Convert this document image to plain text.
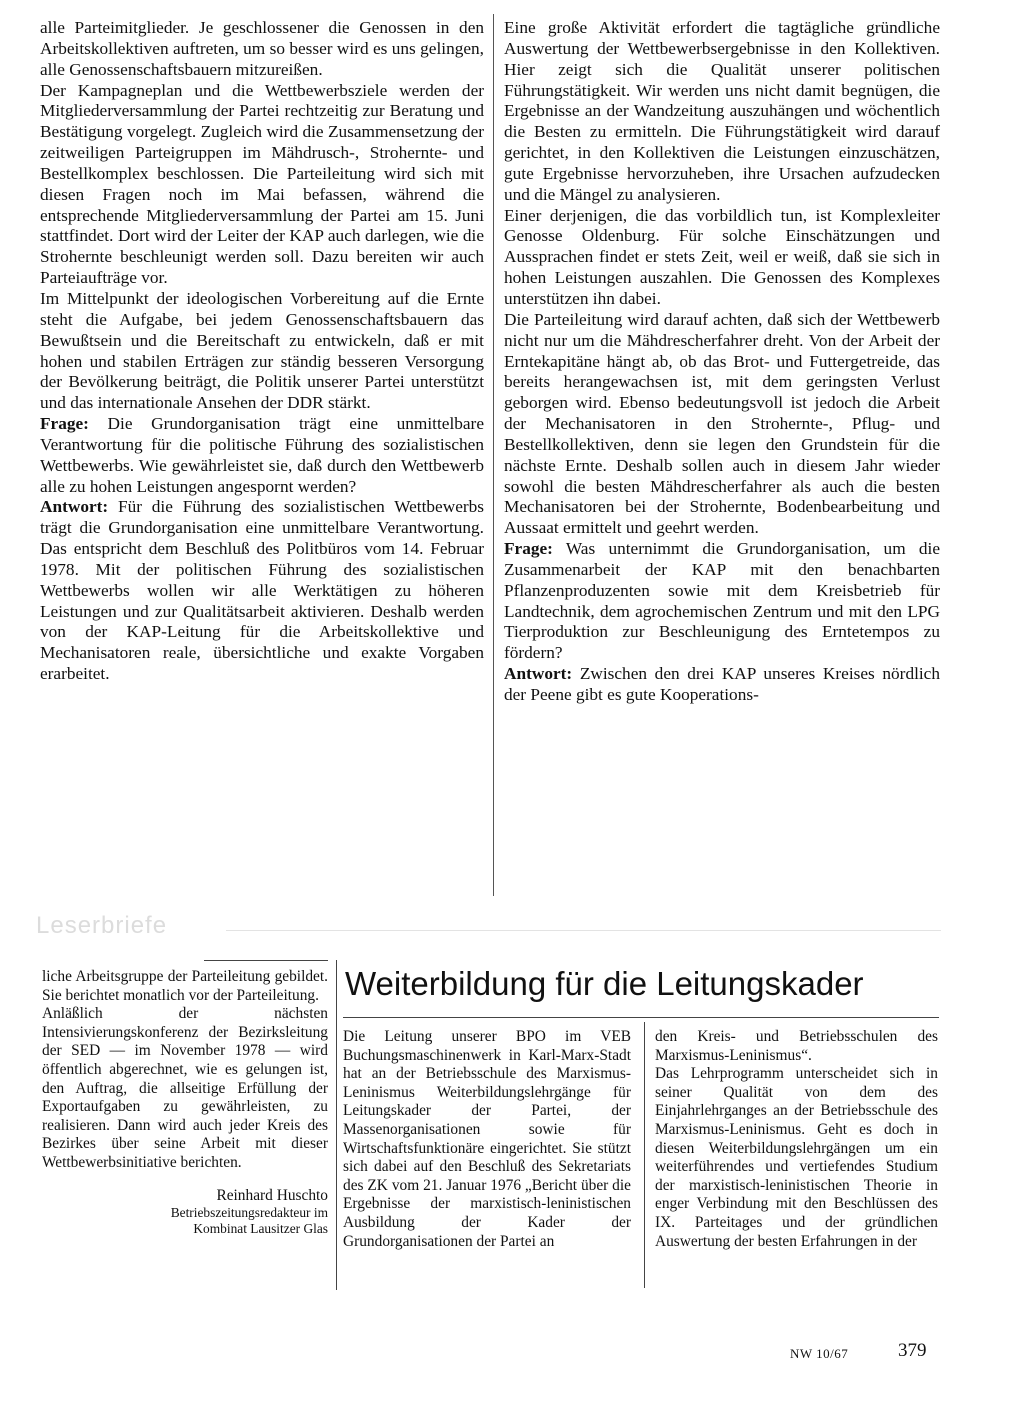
alle Parteimitglieder. Je geschlossener die Genossen in den Arbeitskollektiven auftreten, um so besser wird es uns gelingen, alle Genossenschaftsbauern mitzureißen.

Der Kampagneplan und die Wettbewerbsziele werden der Mitgliederversammlung der Partei rechtzeitig zur Beratung und Bestätigung vorgelegt. Zugleich wird die Zusammensetzung der zeitweiligen Parteigruppen im Mähdrusch-, Strohernte- und Bestellkomplex beschlossen. Die Parteileitung wird sich mit diesen Fragen noch im Mai befassen, während die entsprechende Mitgliederversammlung der Partei am 15. Juni stattfindet. Dort wird der Leiter der KAP auch darlegen, wie die Strohernte beschleunigt werden soll. Dazu bereiten wir auch Parteiaufträge vor.

Im Mittelpunkt der ideologischen Vorbereitung auf die Ernte steht die Aufgabe, bei jedem Genossenschaftsbauern das Bewußtsein und die Bereitschaft zu entwickeln, daß er mit hohen und stabilen Erträgen zur ständig besseren Versorgung der Bevölkerung beiträgt, die Politik unserer Partei unterstützt und das internationale Ansehen der DDR stärkt.

Frage: Die Grundorganisation trägt eine unmittelbare Verantwortung für die politische Führung des sozialistischen Wettbewerbs. Wie gewährleistet sie, daß durch den Wettbewerb alle zu hohen Leistungen angespornt werden?

Antwort: Für die Führung des sozialistischen Wettbewerbs trägt die Grundorganisation eine unmittelbare Verantwortung. Das entspricht dem Beschluß des Politbüros vom 14. Februar 1978. Mit der politischen Führung des sozialistischen Wettbewerbs wollen wir alle Werktätigen zu höheren Leistungen und zur Qualitätsarbeit aktivieren. Deshalb werden von der KAP-Leitung für die Arbeitskollektive und Mechanisatoren reale, übersichtliche und exakte Vorgaben erarbeitet.

Eine große Aktivität erfordert die tagtägliche gründliche Auswertung der Wettbewerbsergebnisse in den Kollektiven. Hier zeigt sich die Qualität unserer politischen Führungstätigkeit. Wir werden uns nicht damit begnügen, die Ergebnisse an der Wandzeitung auszuhängen und wöchentlich die Besten zu ermitteln. Die Führungstätigkeit wird darauf gerichtet, in den Kollektiven die Leistungen einzuschätzen, gute Ergebnisse hervorzuheben, ihre Ursachen aufzudecken und die Mängel zu analysieren.

Einer derjenigen, die das vorbildlich tun, ist Komplexleiter Genosse Oldenburg. Für solche Einschätzungen und Aussprachen findet er stets Zeit, weil er weiß, daß sie sich in hohen Leistungen auszahlen. Die Genossen des Komplexes unterstützen ihn dabei.

Die Parteileitung wird darauf achten, daß sich der Wettbewerb nicht nur um die Mähdrescherfahrer dreht. Von der Arbeit der Erntekapitäne hängt ab, ob das Brot- und Futtergetreide, das bereits herangewachsen ist, mit dem geringsten Verlust geborgen wird. Ebenso bedeutungsvoll ist jedoch die Arbeit der Mechanisatoren in den Strohernte-, Pflug- und Bestellkollektiven, denn sie legen den Grundstein für die nächste Ernte. Deshalb sollen auch in diesem Jahr wieder sowohl die besten Mähdrescherfahrer als auch die besten Mechanisatoren bei der Strohernte, Bodenbearbeitung und Aussaat ermittelt und geehrt werden.

Frage: Was unternimmt die Grundorganisation, um die Zusammenarbeit der KAP mit den benachbarten Pflanzenproduzenten sowie mit dem Kreisbetrieb für Landtechnik, dem agrochemischen Zentrum und mit den LPG Tierproduktion zur Beschleunigung des Erntetempos zu fördern?

Antwort: Zwischen den drei KAP unseres Kreises nördlich der Peene gibt es gute Kooperations-

Leserbriefe

liche Arbeitsgruppe der Parteileitung gebildet. Sie berichtet monatlich vor der Parteileitung.

Anläßlich der nächsten Intensivierungskonferenz der Bezirksleitung der SED — im November 1978 — wird öffentlich abgerechnet, wie es gelungen ist, den Auftrag, die allseitige Erfüllung der Exportaufgaben zu gewährleisten, zu realisieren. Dann wird auch jeder Kreis des Bezirkes über seine Arbeit mit dieser Wettbewerbsinitiative berichten.

Reinhard Huschto
Betriebszeitungsredakteur im
Kombinat Lausitzer Glas
Weiterbildung für die Leitungskader

Die Leitung unserer BPO im VEB Buchungsmaschinenwerk in Karl-Marx-Stadt hat an der Betriebsschule des Marxismus-Leninismus Weiterbildungslehrgänge für Leitungskader der Partei, der Massenorganisationen sowie für Wirtschaftsfunktionäre eingerichtet. Sie stützt sich dabei auf den Beschluß des Sekretariats des ZK vom 21. Januar 1976 „Bericht über die Ergebnisse der marxistisch-leninistischen Ausbildung der Kader der Grundorganisationen der Partei an

den Kreis- und Betriebsschulen des Marxismus-Leninismus“.

Das Lehrprogramm unterscheidet sich in seiner Qualität von dem des Einjahrlehrganges an der Betriebsschule des Marxismus-Leninismus. Geht es doch in diesen Weiterbildungslehrgängen um ein weiterführendes und vertiefendes Studium der marxistisch-leninistischen Theorie in enger Verbindung mit den Beschlüssen des IX. Parteitages und der gründlichen Auswertung der besten Erfahrungen in der

NW 10/67	379
